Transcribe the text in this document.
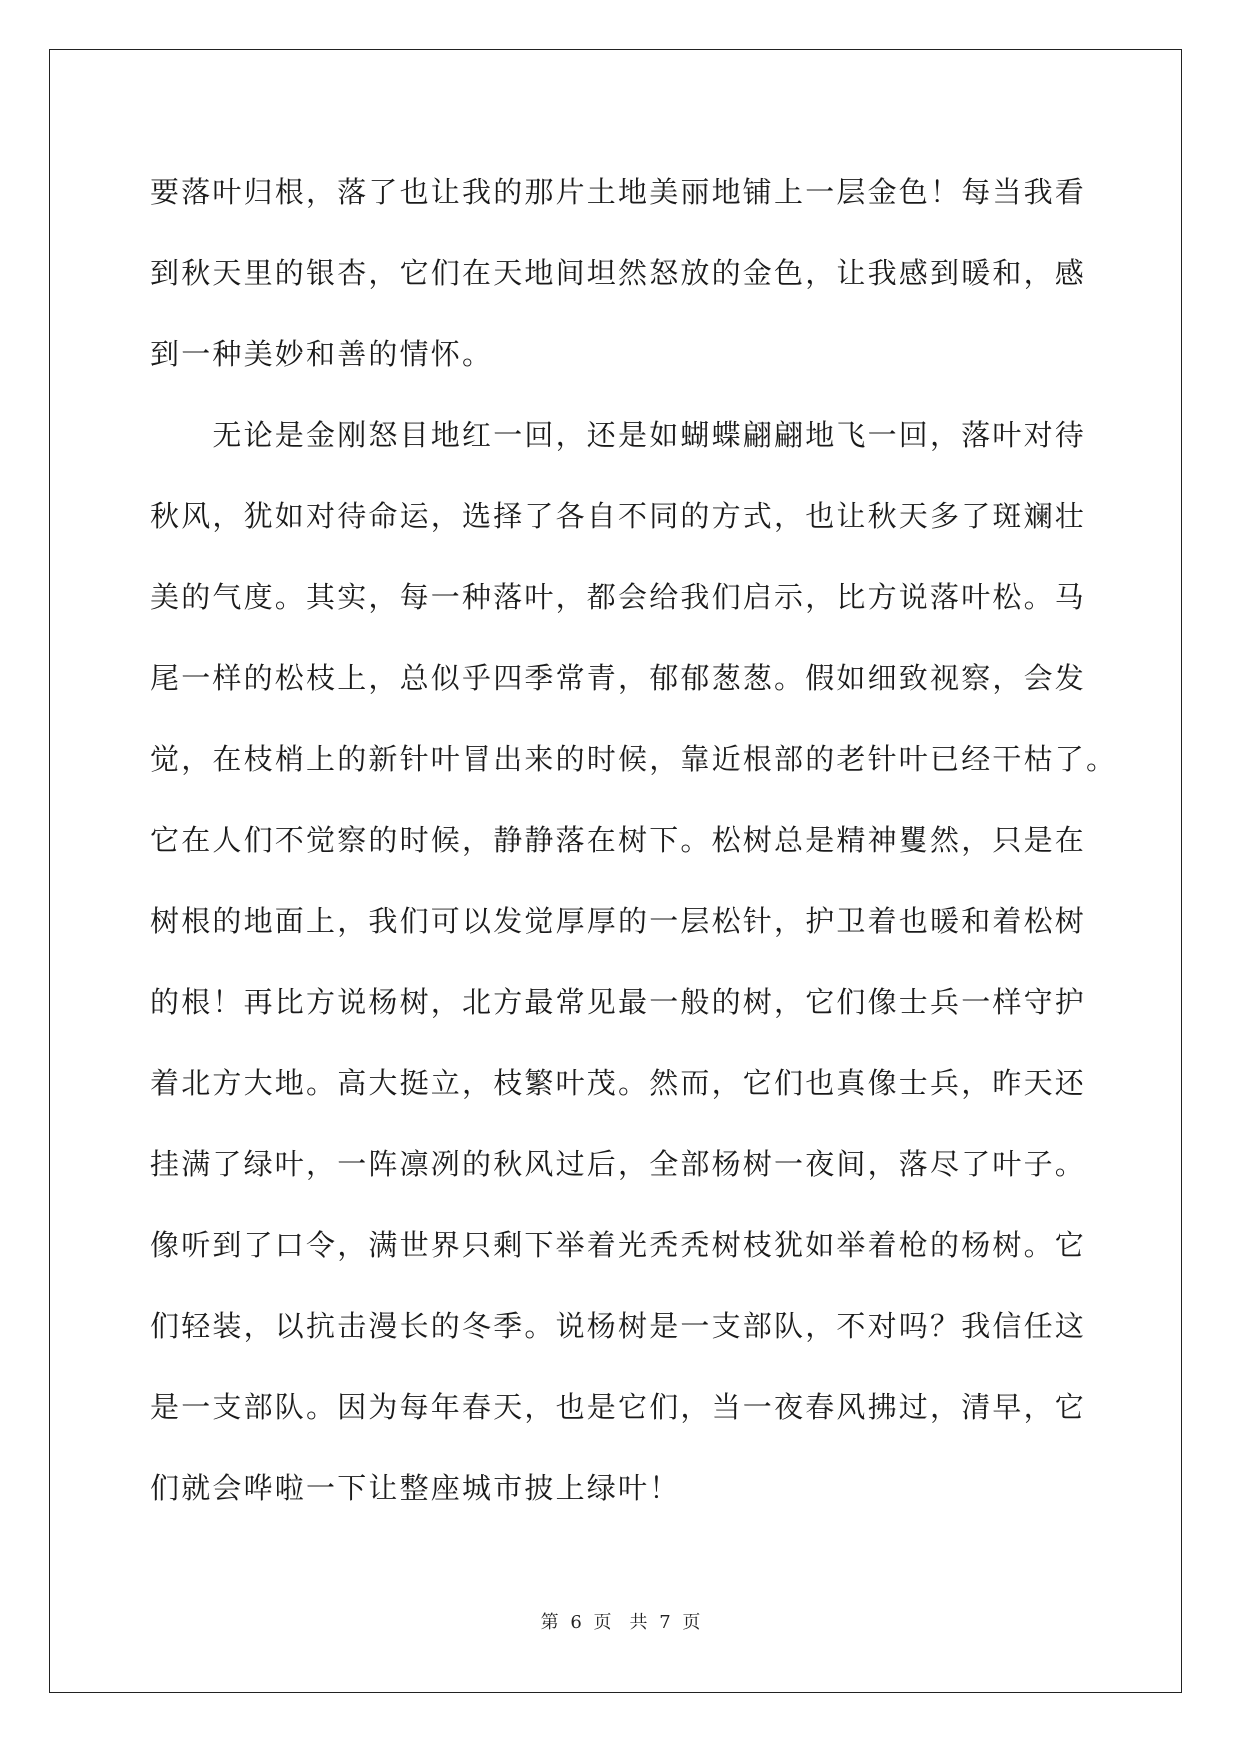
要落叶归根，落了也让我的那片土地美丽地铺上一层金色！每当我看
到秋天里的银杏，它们在天地间坦然怒放的金色，让我感到暖和，感
到一种美妙和善的情怀。
　　无论是金刚怒目地红一回，还是如蝴蝶翩翩地飞一回，落叶对待
秋风，犹如对待命运，选择了各自不同的方式，也让秋天多了斑斓壮
美的气度。其实，每一种落叶，都会给我们启示，比方说落叶松。马
尾一样的松枝上，总似乎四季常青，郁郁葱葱。假如细致视察，会发
觉，在枝梢上的新针叶冒出来的时候，靠近根部的老针叶已经干枯了。
它在人们不觉察的时候，静静落在树下。松树总是精神矍然，只是在
树根的地面上，我们可以发觉厚厚的一层松针，护卫着也暖和着松树
的根！再比方说杨树，北方最常见最一般的树，它们像士兵一样守护
着北方大地。高大挺立，枝繁叶茂。然而，它们也真像士兵，昨天还
挂满了绿叶，一阵凛冽的秋风过后，全部杨树一夜间，落尽了叶子。
像听到了口令，满世界只剩下举着光秃秃树枝犹如举着枪的杨树。它
们轻装，以抗击漫长的冬季。说杨树是一支部队，不对吗？我信任这
是一支部队。因为每年春天，也是它们，当一夜春风拂过，清早，它
们就会哗啦一下让整座城市披上绿叶！
第 6 页　共 7 页
